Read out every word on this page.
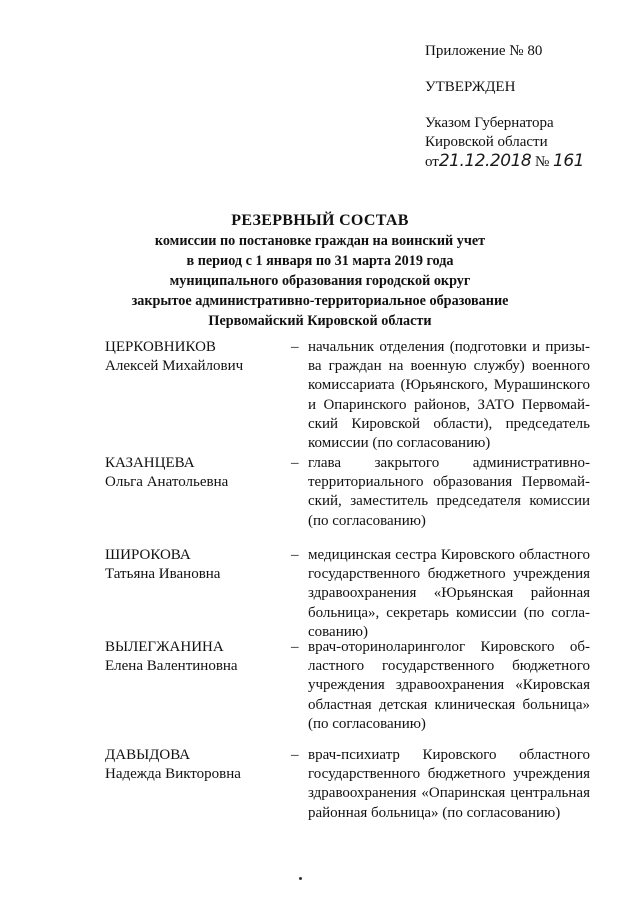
Приложение № 80
УТВЕРЖДЕН
Указом Губернатора
Кировской области
от21.12.2018 № 161
РЕЗЕРВНЫЙ СОСТАВ
комиссии по постановке граждан на воинский учет
в период с 1 января по 31 марта 2019 года
муниципального образования городской округ
закрытое административно-территориальное образование
Первомайский Кировской области
ЦЕРКОВНИКОВ
Алексей Михайлович
– начальник отделения (подготовки и призыва граждан на военную службу) военного комиссариата (Юрьянского, Мурашинского и Опаринского районов, ЗАТО Первомайский Кировской области), председатель комиссии (по согласованию)
КАЗАНЦЕВА
Ольга Анатольевна
– глава закрытого административно-территориального образования Первомайский, заместитель председателя комиссии (по согласованию)
ШИРОКОВА
Татьяна Ивановна
– медицинская сестра Кировского областного государственного бюджетного учреждения здравоохранения «Юрьянская районная больница», секретарь комиссии (по согласованию)
ВЫЛЕГЖАНИНА
Елена Валентиновна
– врач-оториноларинголог Кировского областного государственного бюджетного учреждения здравоохранения «Кировская областная детская клиническая больница» (по согласованию)
ДАВЫДОВА
Надежда Викторовна
– врач-психиатр Кировского областного государственного бюджетного учреждения здравоохранения «Опаринская центральная районная больница» (по согласованию)
